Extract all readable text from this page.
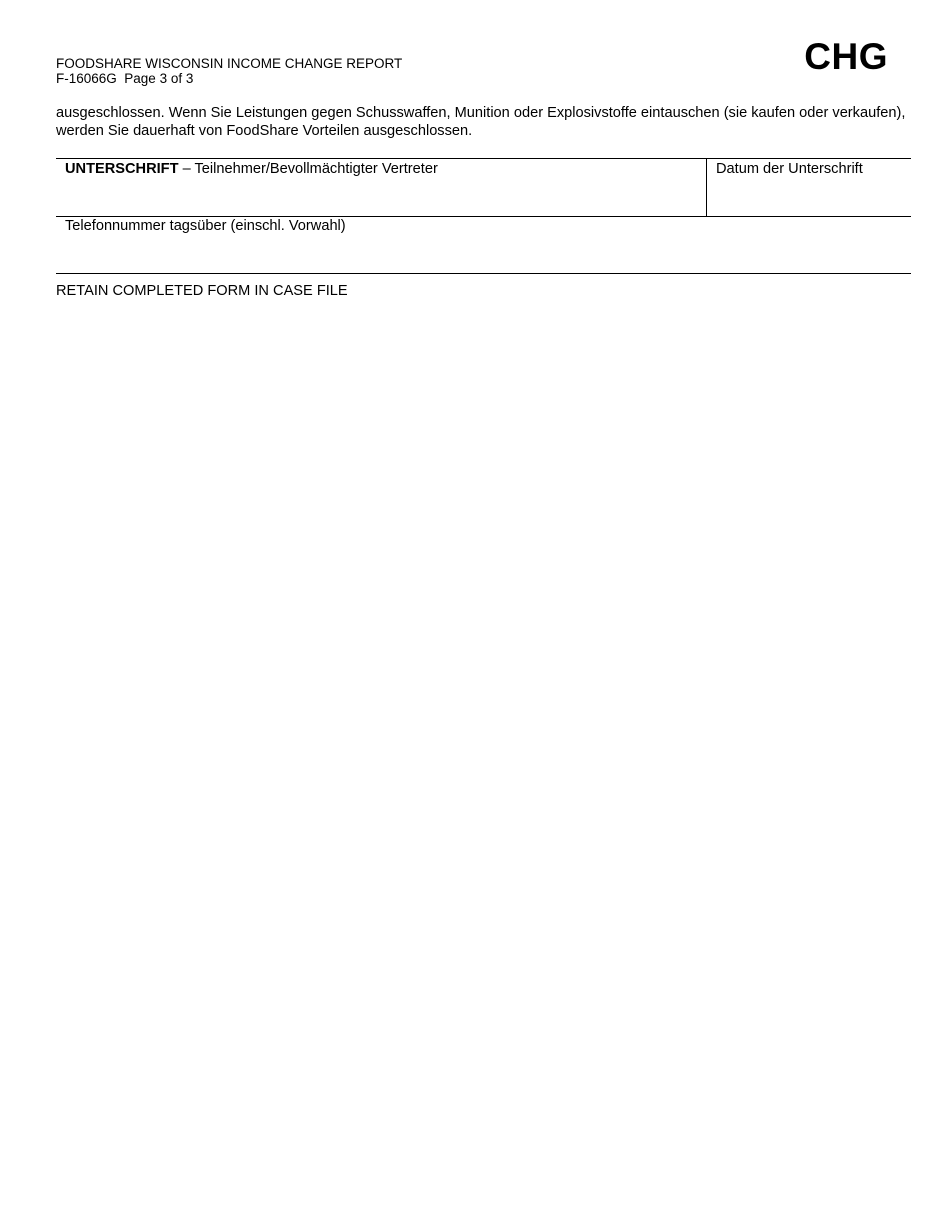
FOODSHARE WISCONSIN INCOME CHANGE REPORT
F-16066G  Page 3 of 3
CHG
ausgeschlossen. Wenn Sie Leistungen gegen Schusswaffen, Munition oder Explosivstoffe eintauschen (sie kaufen oder verkaufen), werden Sie dauerhaft von FoodShare Vorteilen ausgeschlossen.
UNTERSCHRIFT – Teilnehmer/Bevollmächtigter Vertreter	Datum der Unterschrift

Telefonnummer tagsüber (einschl. Vorwahl)
RETAIN COMPLETED FORM IN CASE FILE
